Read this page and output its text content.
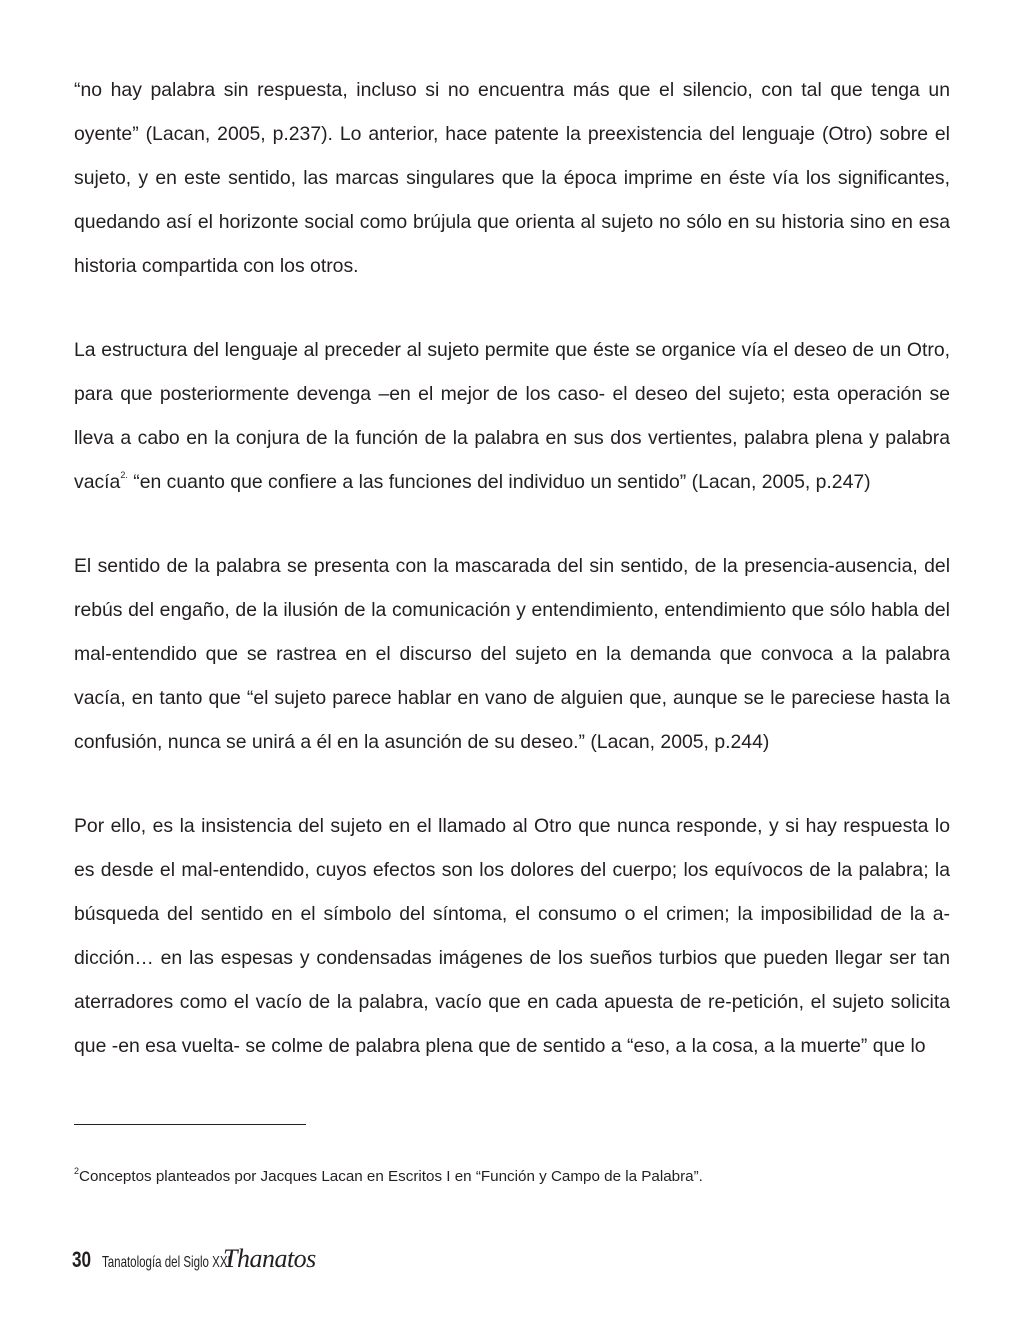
“no hay palabra sin respuesta, incluso si no encuentra más que el silencio, con tal que tenga un oyente” (Lacan, 2005, p.237). Lo anterior, hace patente la preexistencia del lenguaje (Otro) sobre el sujeto, y en este sentido, las marcas singulares que la época imprime en éste vía los significantes, quedando así el horizonte social como brújula que orienta al sujeto no sólo en su historia sino en esa historia compartida con los otros.

La estructura del lenguaje al preceder al sujeto permite que éste se organice vía el deseo de un Otro, para que posteriormente devenga –en el mejor de los caso- el deseo del sujeto; esta operación se lleva a cabo en la conjura de la función de la palabra en sus dos vertientes, palabra plena y palabra vacía$^{2.}$ “en cuanto que confiere a las funciones del individuo un sentido” (Lacan, 2005, p.247)

El sentido de la palabra se presenta con la mascarada del sin sentido, de la presencia-ausencia, del rebús del engaño, de la ilusión de la comunicación y entendimiento, entendimiento que sólo habla del mal-entendido que se rastrea en el discurso del sujeto en la demanda que convoca a la palabra vacía, en tanto que “el sujeto parece hablar en vano de alguien que, aunque se le pareciese hasta la confusión, nunca se unirá a él en la asunción de su deseo.” (Lacan, 2005, p.244)

Por ello, es la insistencia del sujeto en el llamado al Otro que nunca responde, y si hay respuesta lo es desde el mal-entendido, cuyos efectos son los dolores del cuerpo; los equívocos de la palabra; la búsqueda del sentido en el símbolo del síntoma, el consumo o el crimen; la imposibilidad de la a-dicción… en las espesas y condensadas imágenes de los sueños turbios que pueden llegar ser tan aterradores como el vacío de la palabra, vacío que en cada apuesta de re-petición, el sujeto solicita que -en esa vuelta- se colme de palabra plena que de sentido a “eso, a la cosa, a la muerte” que lo

$^2$Conceptos planteados por Jacques Lacan en Escritos I en “Función y Campo de la Palabra”.

30 Tanatología del Siglo XXI
Thanatos
